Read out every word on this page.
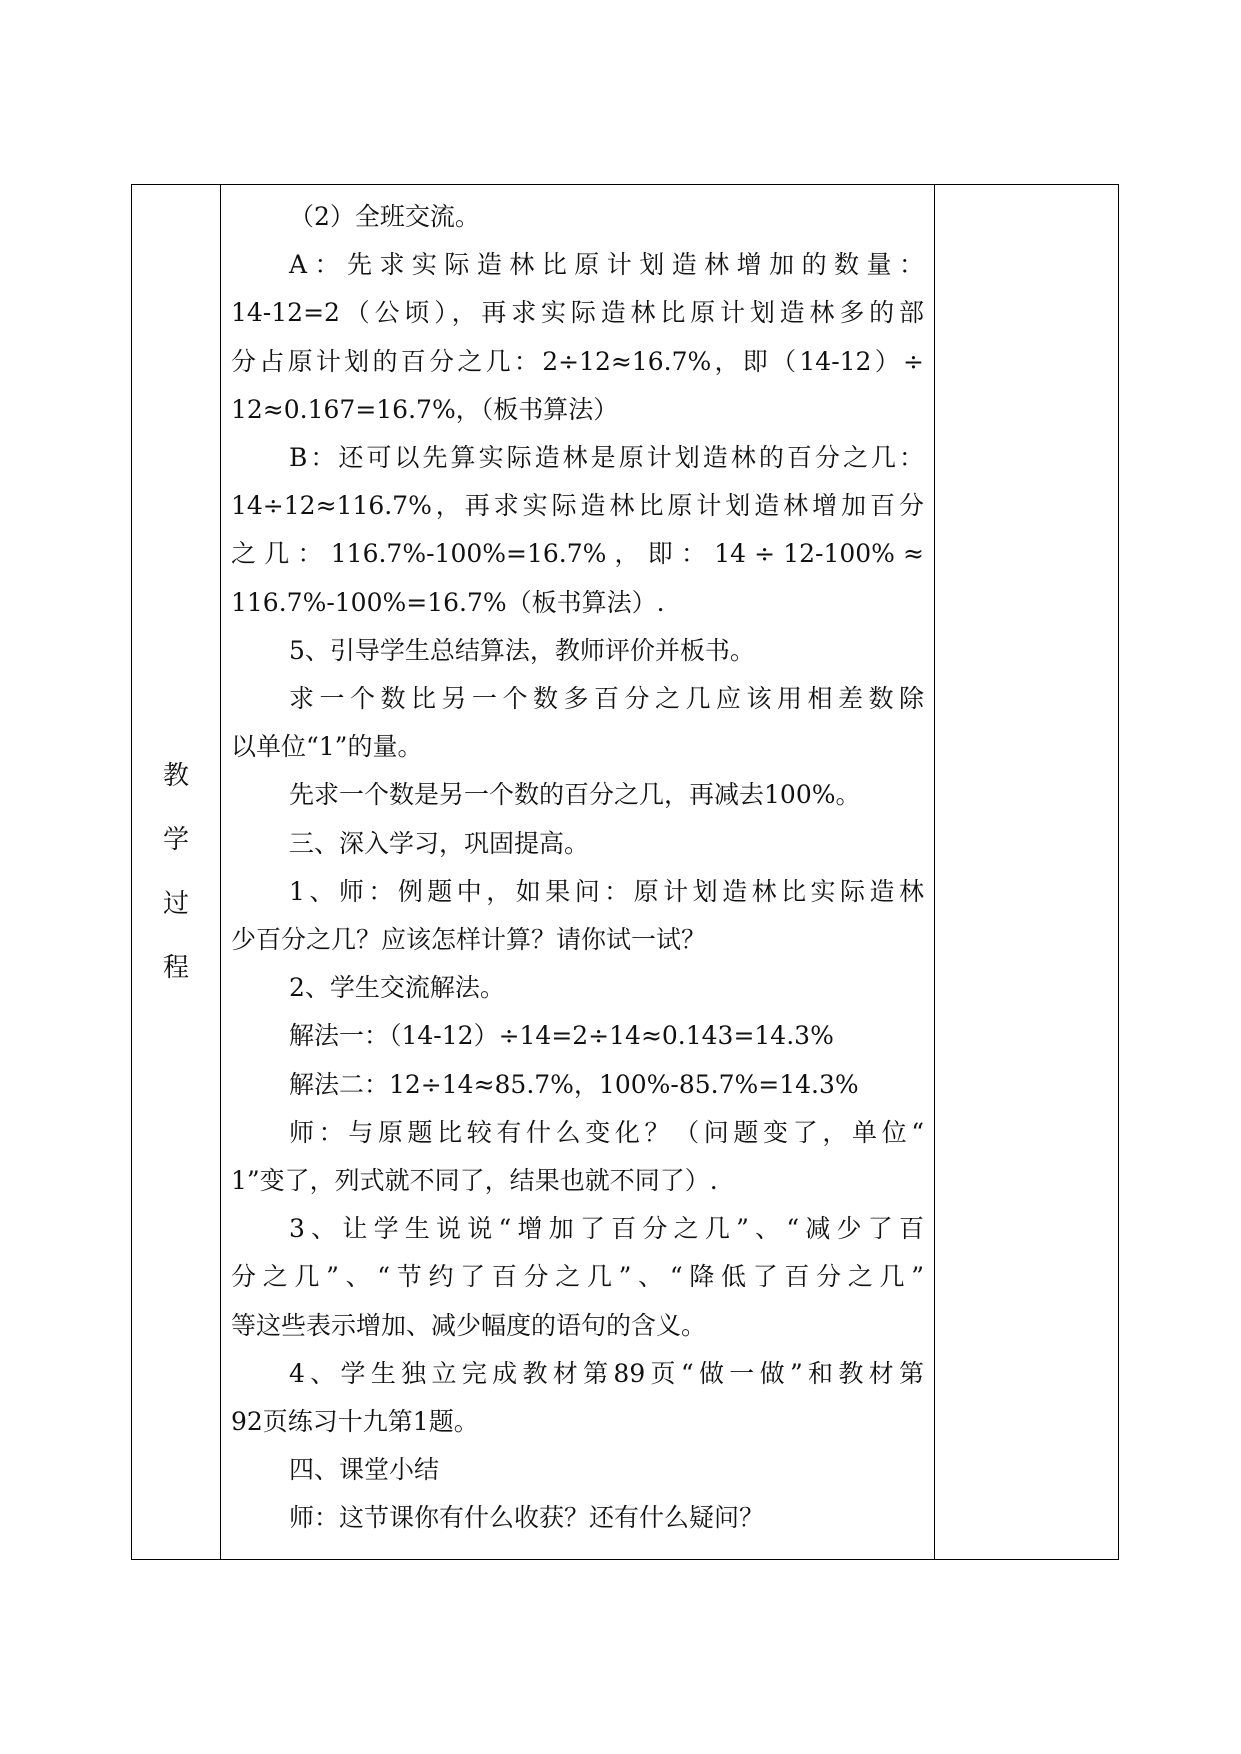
教
学
过
程

（2）全班交流。

A：先求实际造林比原计划造林增加的数量：

14-12=2（公顷），再求实际造林比原计划造林多的部

分占原计划的百分之几：2÷12≈16.7%，即（14-12）÷

12≈0.167=16.7%，（板书算法）

B：还可以先算实际造林是原计划造林的百分之几：

14÷12≈116.7%，再求实际造林比原计划造林增加百分

之 几 ： 116.7%-100%=16.7% ， 即 ： 14 ÷ 12-100% ≈

116.7%-100%=16.7%（板书算法）.

5、引导学生总结算法，教师评价并板书。

求一个数比另一个数多百分之几应该用相差数除

以单位“1”的量。

先求一个数是另一个数的百分之几，再减去100%。

三、深入学习，巩固提高。

1、师：例题中，如果问：原计划造林比实际造林

少百分之几？应该怎样计算？请你试一试？

2、学生交流解法。

解法一：（14-12）÷14=2÷14≈0.143=14.3%

解法二：12÷14≈85.7%，100%-85.7%=14.3%

师：与原题比较有什么变化？（问题变了，单位“

1”变了，列式就不同了，结果也就不同了）.

3、让学生说说“增加了百分之几”、“减少了百

分之几”、“节约了百分之几”、“降低了百分之几”

等这些表示增加、减少幅度的语句的含义。

4、学生独立完成教材第89页“做一做”和教材第

92页练习十九第1题。

四、课堂小结

师：这节课你有什么收获？还有什么疑问？
